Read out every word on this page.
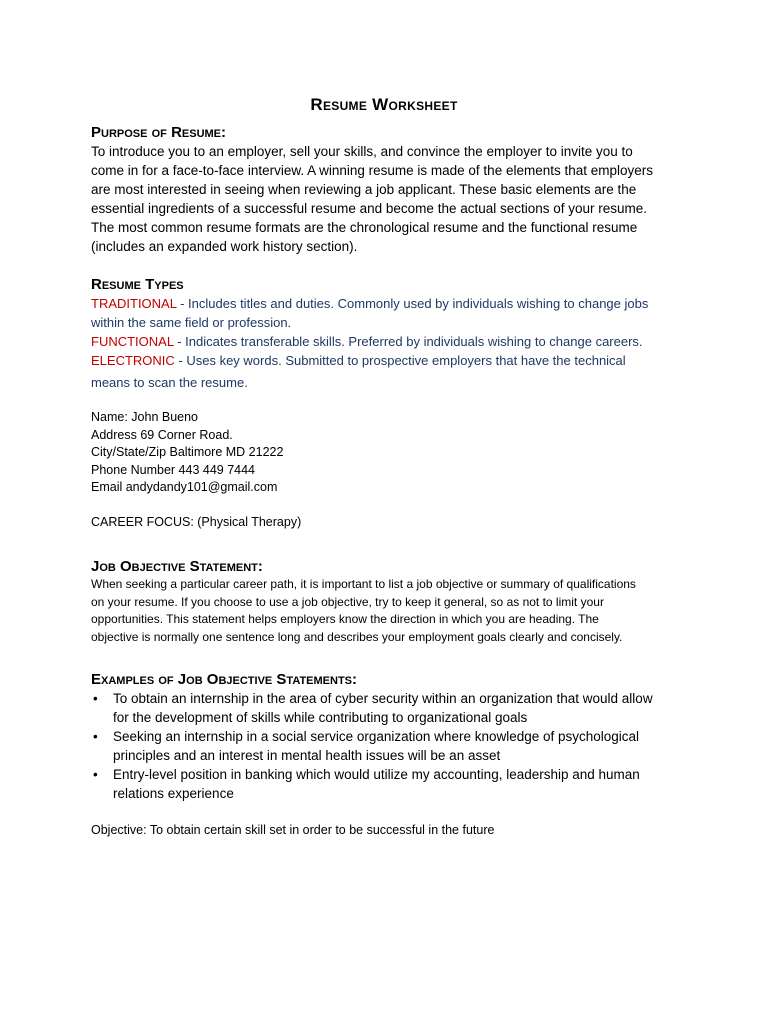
Resume Worksheet
Purpose of Resume:
To introduce you to an employer, sell your skills, and convince the employer to invite you to
come in for a face-to-face interview. A winning resume is made of the elements that employers
are most interested in seeing when reviewing a job applicant. These basic elements are the
essential ingredients of a successful resume and become the actual sections of your resume.
The most common resume formats are the chronological resume and the functional resume
(includes an expanded work history section).
Resume Types
TRADITIONAL - Includes titles and duties. Commonly used by individuals wishing to change jobs
within the same field or profession.
FUNCTIONAL - Indicates transferable skills. Preferred by individuals wishing to change careers.
ELECTRONIC - Uses key words. Submitted to prospective employers that have the technical
means to scan the resume.
Name: John Bueno
Address 69 Corner Road.
City/State/Zip Baltimore MD 21222
Phone Number 443 449 7444
Email andydandy101@gmail.com
CAREER FOCUS: (Physical Therapy)
Job Objective Statement:
When seeking a particular career path, it is important to list a job objective or summary of qualifications
on your resume. If you choose to use a job objective, try to keep it general, so as not to limit your
opportunities. This statement helps employers know the direction in which you are heading. The
objective is normally one sentence long and describes your employment goals clearly and concisely.
Examples of Job Objective Statements:
• To obtain an internship in the area of cyber security within an organization that would allow
for the development of skills while contributing to organizational goals
• Seeking an internship in a social service organization where knowledge of psychological
principles and an interest in mental health issues will be an asset
• Entry-level position in banking which would utilize my accounting, leadership and human
relations experience
Objective: To obtain certain skill set in order to be successful in the future
